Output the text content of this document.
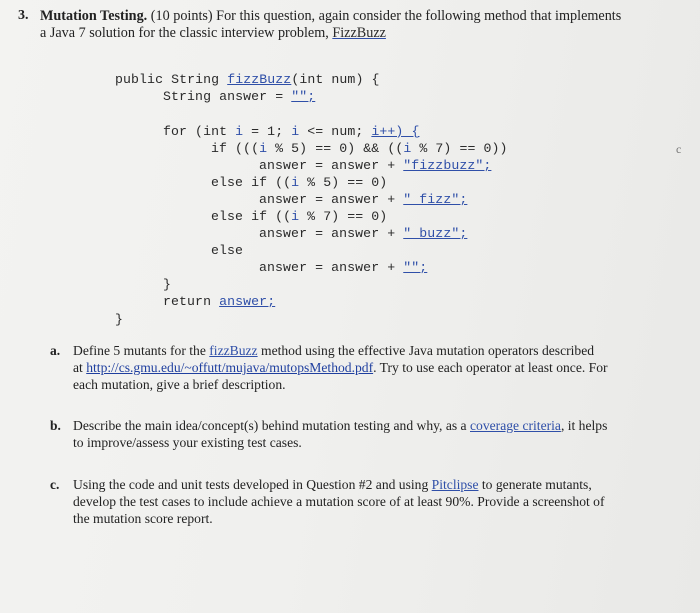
3. Mutation Testing. (10 points) For this question, again consider the following method that implements
a Java 7 solution for the classic interview problem, FizzBuzz
public String fizzBuzz(int num) {
String answer = "";
for (int i = 1; i <= num; i++) {
if (((i % 5) == 0) && ((i % 7) == 0))
answer = answer + "fizzbuzz";
else if ((i % 5) == 0)
answer = answer + " fizz";
else if ((i % 7) == 0)
answer = answer + " buzz";
else
answer = answer + "";
}
return answer;
}
a. Define 5 mutants for the fizzBuzz method using the effective Java mutation operators described
at http://cs.gmu.edu/~offutt/mujava/mutopsMethod.pdf. Try to use each operator at least once. For
each mutation, give a brief description.
b. Describe the main idea/concept(s) behind mutation testing and why, as a coverage criteria, it helps
to improve/assess your existing test cases.
c. Using the code and unit tests developed in Question #2 and using Pitclipse to generate mutants,
develop the test cases to include achieve a mutation score of at least 90%. Provide a screenshot of
the mutation score report.
c
